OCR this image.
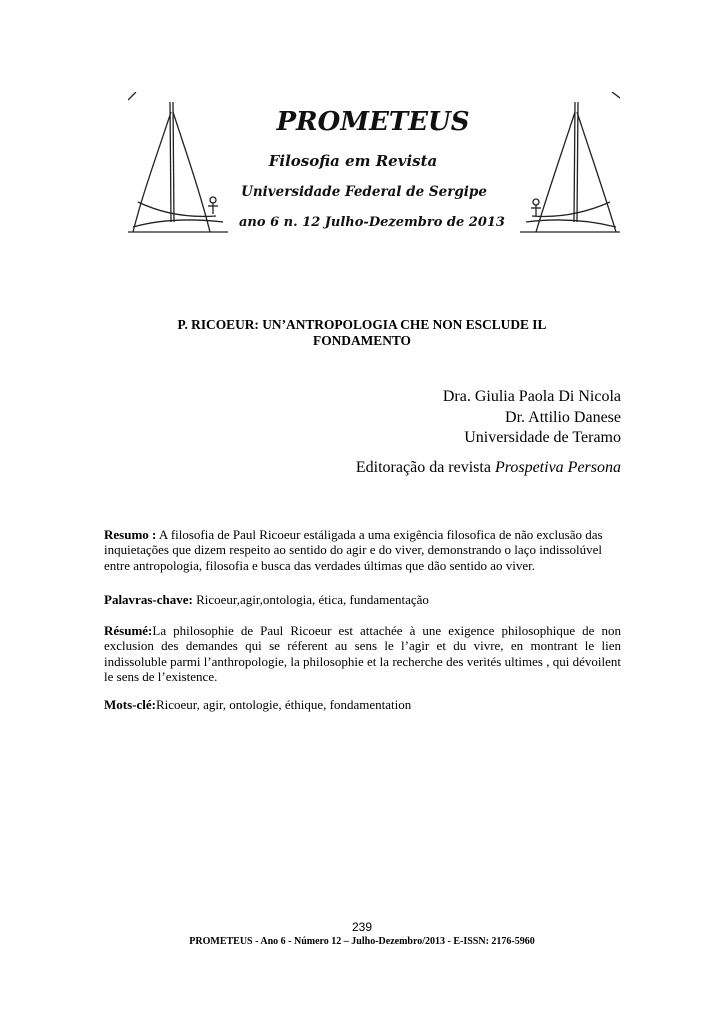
PROMETEUS
Filosofia em Revista
Universidade Federal de Sergipe
ano 6 n. 12 Julho-Dezembro de 2013
P. RICOEUR: UN’ANTROPOLOGIA CHE NON ESCLUDE IL
FONDAMENTO
Dra. Giulia Paola Di Nicola
Dr. Attilio Danese
Universidade de Teramo
Editoração da revista Prospetiva Persona
Resumo : A filosofia de Paul Ricoeur estáligada a uma exigência filosofica de não exclusão das inquietações que dizem respeito ao sentido do agir e do viver, demonstrando o laço indissolúvel entre antropologia, filosofia e busca das verdades últimas que dão sentido ao viver.
Palavras-chave: Ricoeur,agir,ontologia, ética, fundamentação
Résumé:La philosophie de Paul Ricoeur est attachée à une exigence philosophique de non exclusion des demandes qui se réferent au sens le l’agir et du vivre, en montrant le lien indissoluble parmi l’anthropologie, la philosophie et la recherche des verités ultimes , qui dévoilent le sens de l’existence.
Mots-clé:Ricoeur, agir, ontologie, éthique, fondamentation
239
PROMETEUS - Ano 6 - Número 12 – Julho-Dezembro/2013 - E-ISSN: 2176-5960
